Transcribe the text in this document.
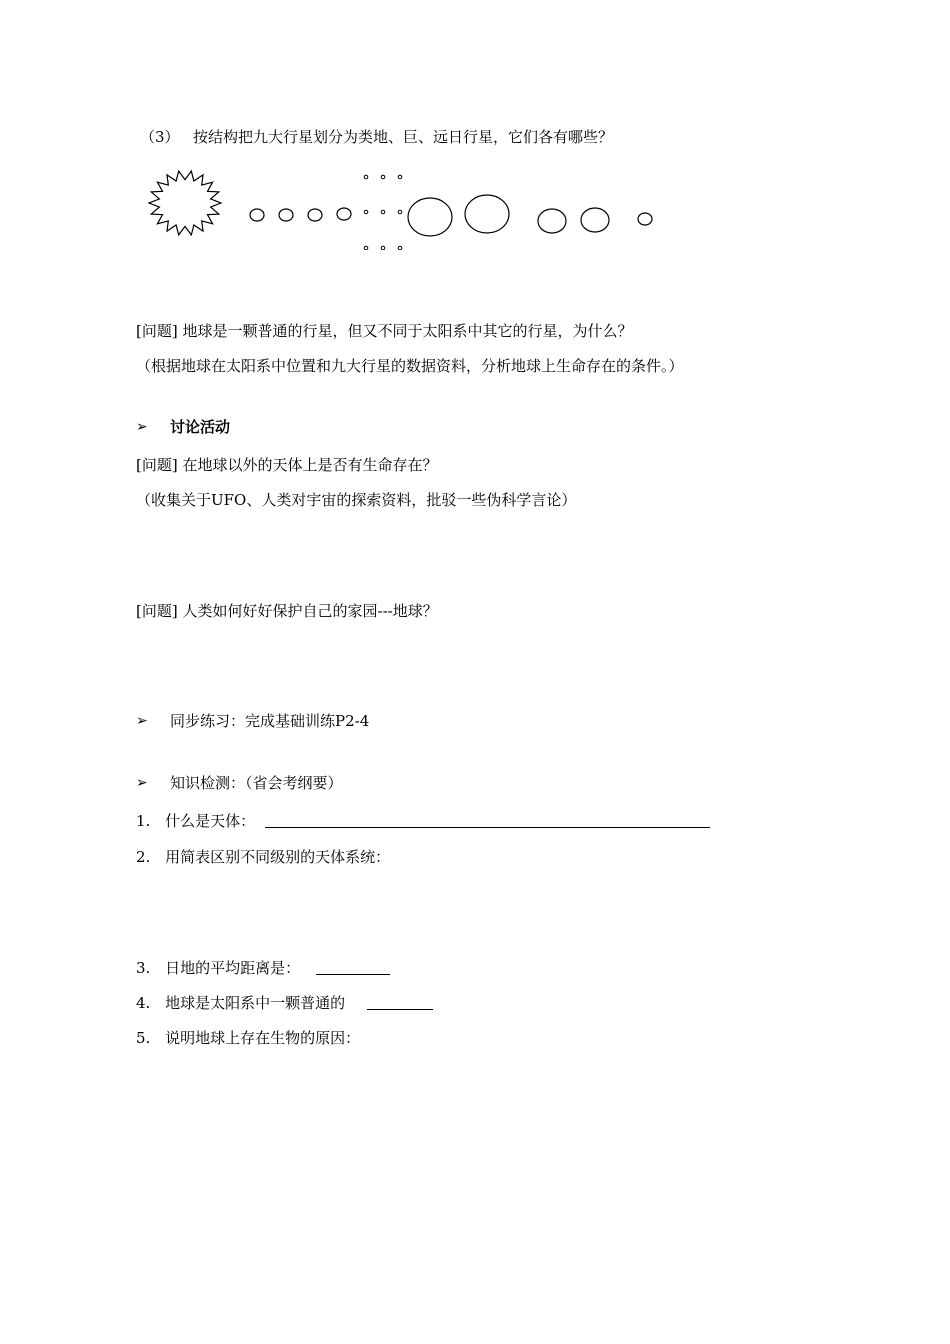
（3） 按结构把九大行星划分为类地、巨、远日行星，它们各有哪些？
[问题] 地球是一颗普通的行星，但又不同于太阳系中其它的行星，为什么？
（根据地球在太阳系中位置和九大行星的数据资料，分析地球上生命存在的条件。）
➢ 讨论活动
[问题] 在地球以外的天体上是否有生命存在？
（收集关于UFO、人类对宇宙的探索资料，批驳一些伪科学言论）
[问题] 人类如何好好保护自己的家园---地球？
➢ 同步练习：完成基础训练P2-4
➢ 知识检测：（省会考纲要）
1. 什么是天体：
2. 用简表区别不同级别的天体系统：
3. 日地的平均距离是：
4. 地球是太阳系中一颗普通的
5. 说明地球上存在生物的原因：
